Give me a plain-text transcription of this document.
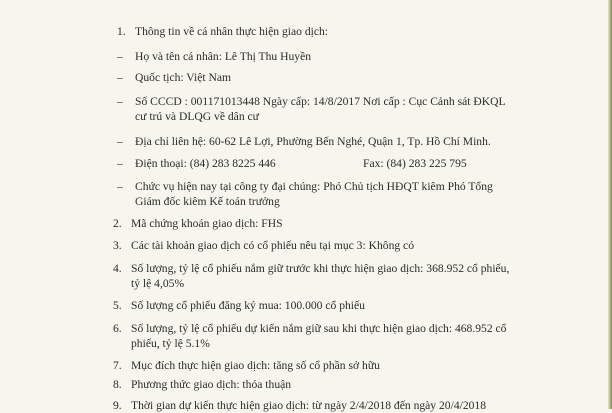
1. Thông tin về cá nhân thực hiện giao dịch:
– Họ và tên cá nhân: Lê Thị Thu Huyền
– Quốc tịch: Việt Nam
– Số CCCD : 001171013448 Ngày cấp: 14/8/2017 Nơi cấp : Cục Cảnh sát ĐKQL
cư trú và DLQG về dân cư
– Địa chỉ liên hệ: 60-62 Lê Lợi, Phường Bến Nghé, Quận 1, Tp. Hồ Chí Minh.
– Điện thoại: (84) 283 8225 446	Fax: (84) 283 225 795
– Chức vụ hiện nay tại công ty đại chúng: Phó Chủ tịch HĐQT kiêm Phó Tổng
Giám đốc kiêm Kế toán trưởng
2. Mã chứng khoán giao dịch: FHS
3. Các tài khoản giao dịch có cổ phiếu nêu tại mục 3: Không có
4. Số lượng, tỷ lệ cổ phiếu nắm giữ trước khi thực hiện giao dịch: 368.952 cổ phiếu,
tỷ lệ 4,05%
5. Số lượng cổ phiếu đăng ký mua: 100.000 cổ phiếu
6. Số lượng, tỷ lệ cổ phiếu dự kiến nắm giữ sau khi thực hiện giao dịch: 468.952 cổ
phiếu, tỷ lệ 5.1%
7. Mục đích thực hiện giao dịch: tăng số cổ phần sở hữu
8. Phương thức giao dịch: thỏa thuận
9. Thời gian dự kiến thực hiện giao dịch: từ ngày 2/4/2018 đến ngày 20/4/2018
